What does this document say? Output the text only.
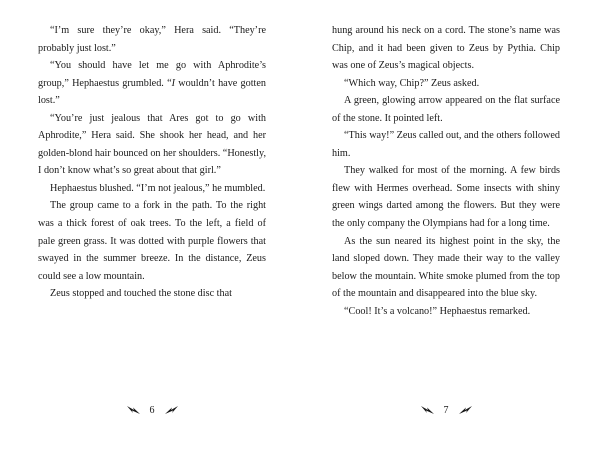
“I’m sure they’re okay,” Hera said. “They’re probably just lost.”

“You should have let me go with Aphrodite’s group,” Hephaestus grumbled. “I wouldn’t have gotten lost.”

“You’re just jealous that Ares got to go with Aphrodite,” Hera said. She shook her head, and her golden-blond hair bounced on her shoulders. “Honestly, I don’t know what’s so great about that girl.”

Hephaestus blushed. “I’m not jealous,” he mumbled.

The group came to a fork in the path. To the right was a thick forest of oak trees. To the left, a field of pale green grass. It was dotted with purple flowers that swayed in the summer breeze. In the distance, Zeus could see a low mountain.

Zeus stopped and touched the stone disc that

hung around his neck on a cord. The stone’s name was Chip, and it had been given to Zeus by Pythia. Chip was one of Zeus’s magical objects.

“Which way, Chip?” Zeus asked.

A green, glowing arrow appeared on the flat surface of the stone. It pointed left.

“This way!” Zeus called out, and the others followed him.

They walked for most of the morning. A few birds flew with Hermes overhead. Some insects with shiny green wings darted among the flowers. But they were the only company the Olympians had for a long time.

As the sun neared its highest point in the sky, the land sloped down. They made their way to the valley below the mountain. White smoke plumed from the top of the mountain and disappeared into the blue sky.

“Cool! It’s a volcano!” Hephaestus remarked.

6	7
